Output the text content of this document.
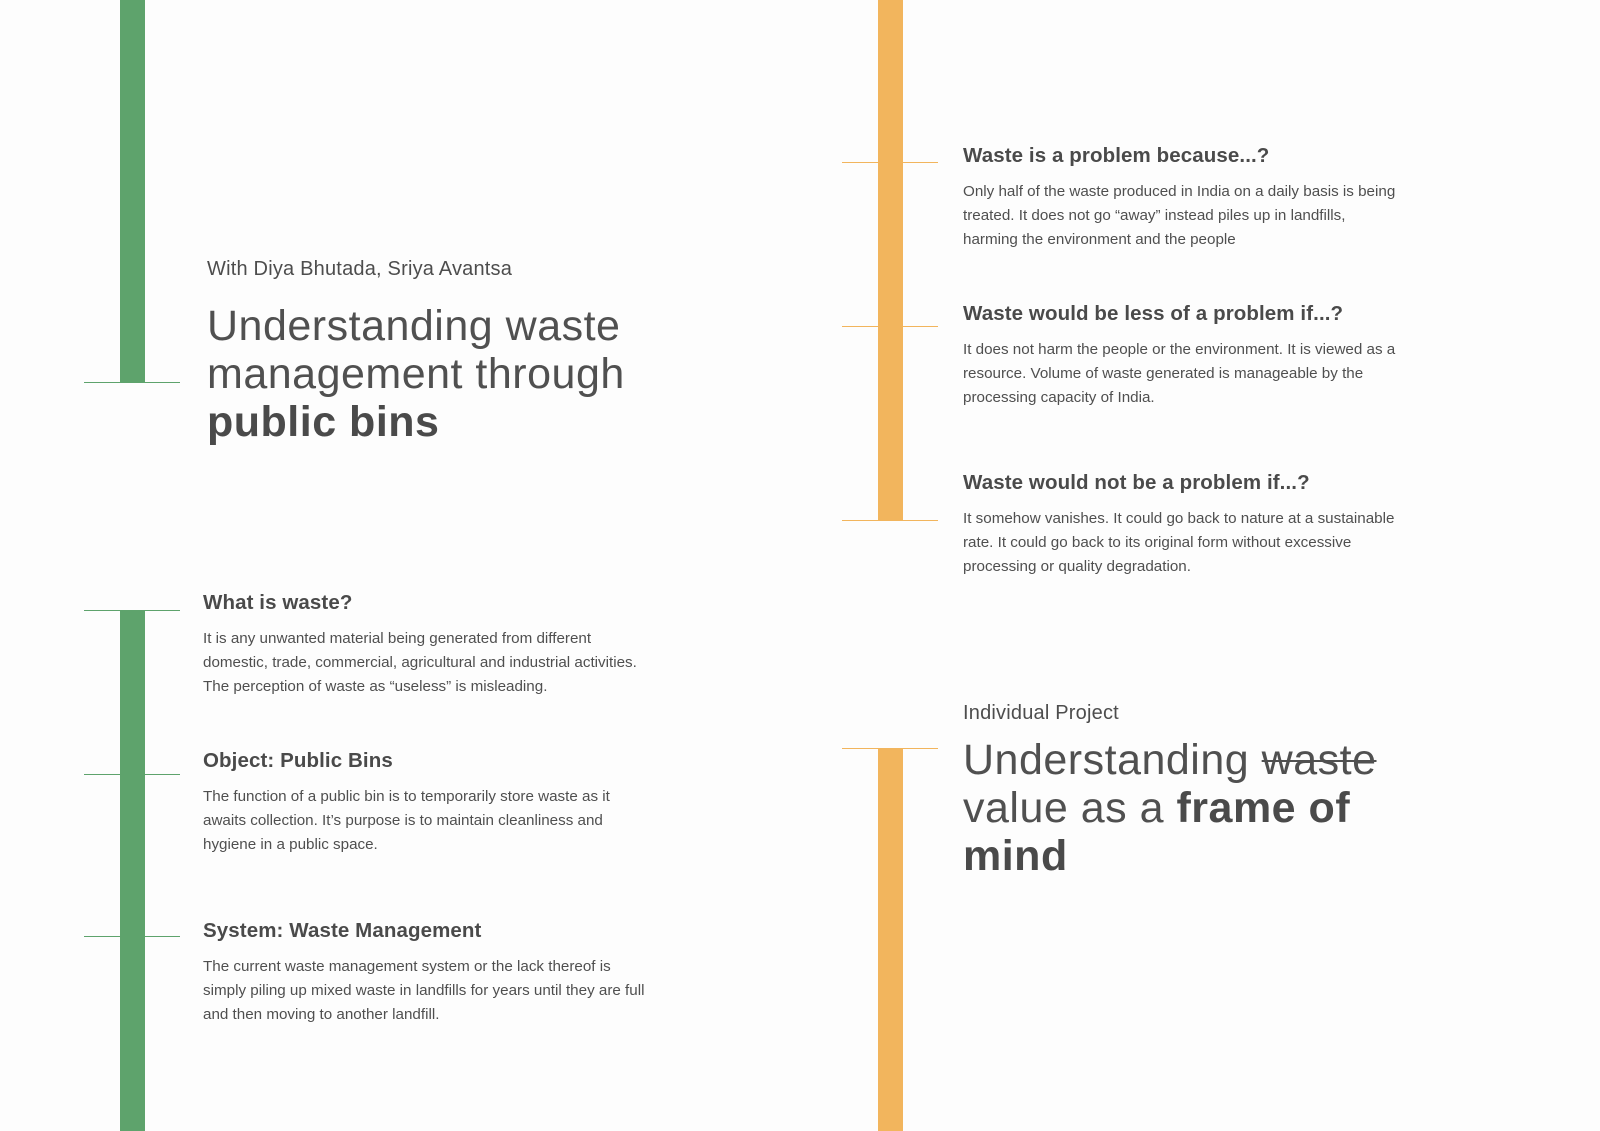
With Diya Bhutada, Sriya Avantsa

Understanding waste
management through
public bins
What is waste?

It is any unwanted material being generated from different
domestic, trade, commercial, agricultural and industrial activities.
The perception of waste as “useless” is misleading.

Object: Public Bins

The function of a public bin is to temporarily store waste as it
awaits collection. It’s purpose is to maintain cleanliness and
hygiene in a public space.

System: Waste Management

The current waste management system or the lack thereof is
simply piling up mixed waste in landfills for years until they are full
and then moving to another landfill.

Waste is a problem because...?

Only half of the waste produced in India on a daily basis is being
treated. It does not go “away” instead piles up in landfills,
harming the environment and the people

Waste would be less of a problem if...?

It does not harm the people or the environment. It is viewed as a
resource. Volume of waste generated is manageable by the
processing capacity of India.

Waste would not be a problem if...?

It somehow vanishes. It could go back to nature at a sustainable
rate. It could go back to its original form without excessive
processing or quality degradation.

Individual Project

Understanding waste
value as a frame of
mind
